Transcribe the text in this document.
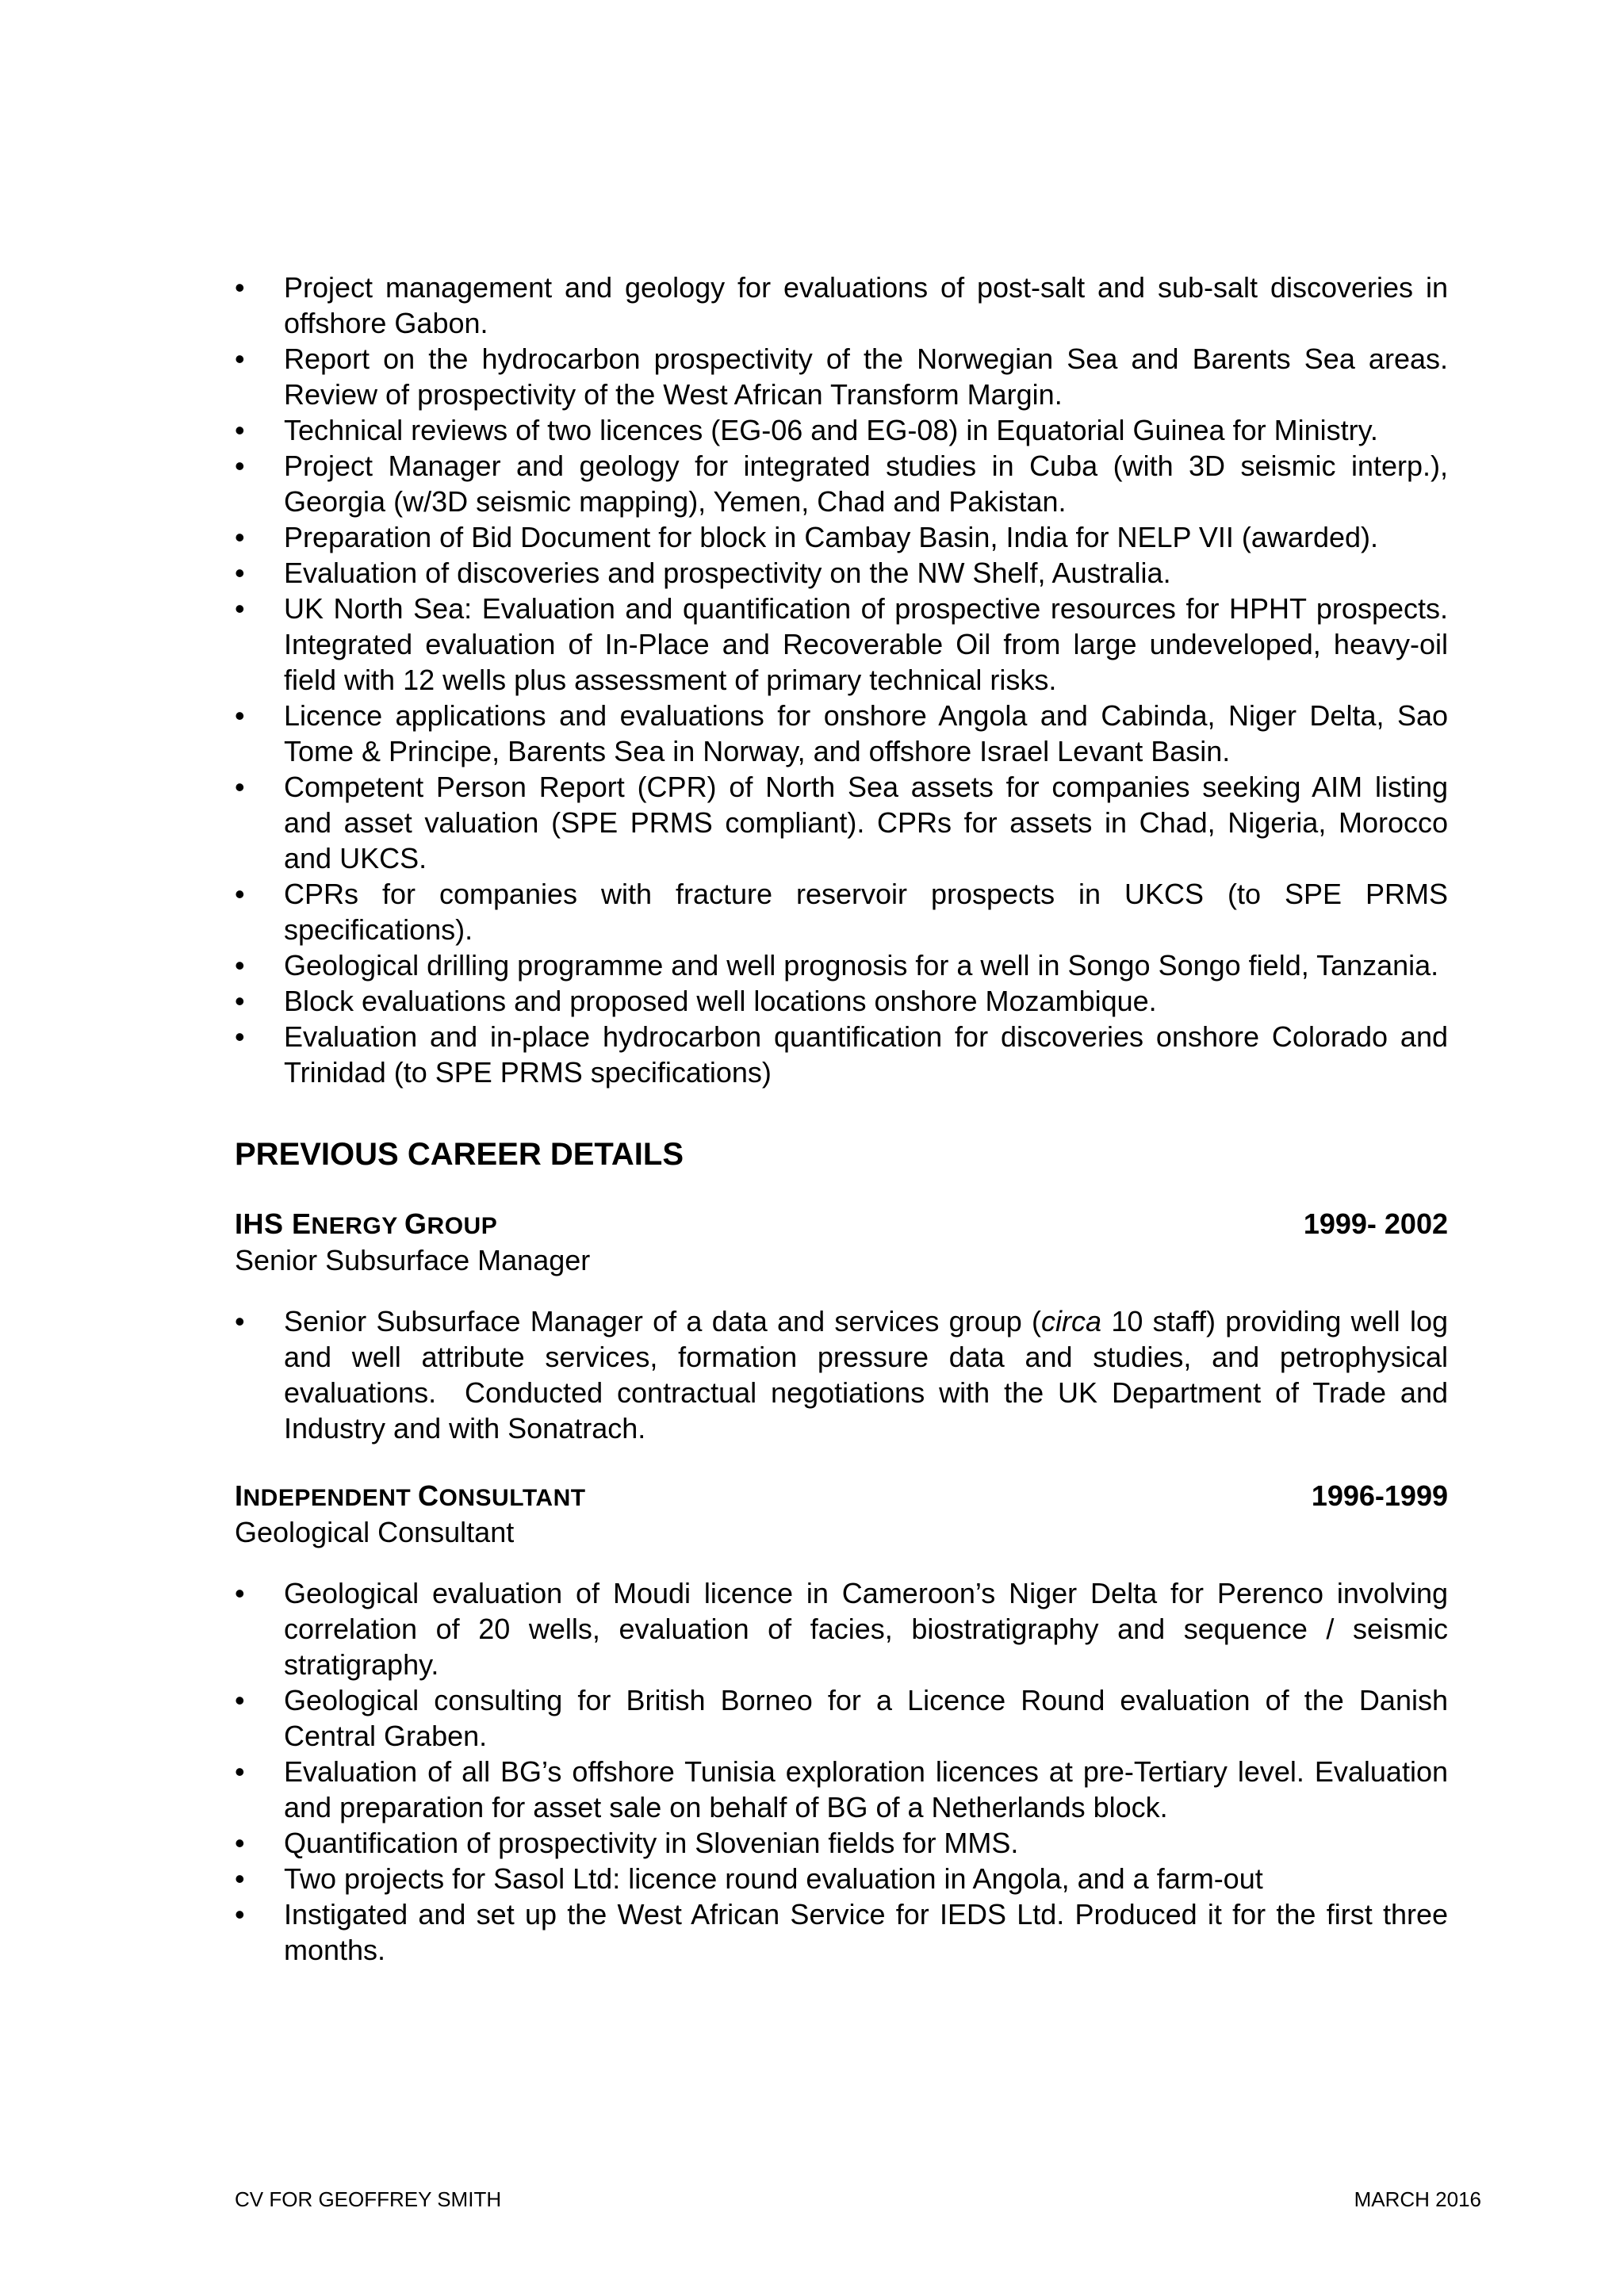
•	Project management and geology for evaluations of post-salt and sub-salt discoveries in offshore Gabon.
•	Report on the hydrocarbon prospectivity of the Norwegian Sea and Barents Sea areas. Review of prospectivity of the West African Transform Margin.
•	Technical reviews of two licences (EG-06 and EG-08) in Equatorial Guinea for Ministry.
•	Project Manager and geology for integrated studies in Cuba (with 3D seismic interp.), Georgia (w/3D seismic mapping), Yemen, Chad and Pakistan.
•	Preparation of Bid Document for block in Cambay Basin, India for NELP VII (awarded).
•	Evaluation of discoveries and prospectivity on the NW Shelf, Australia.
•	UK North Sea: Evaluation and quantification of prospective resources for HPHT prospects. Integrated evaluation of In-Place and Recoverable Oil from large undeveloped, heavy-oil field with 12 wells plus assessment of primary technical risks.
•	Licence applications and evaluations for onshore Angola and Cabinda, Niger Delta, Sao Tome & Principe, Barents Sea in Norway, and offshore Israel Levant Basin.
•	Competent Person Report (CPR) of North Sea assets for companies seeking AIM listing and asset valuation (SPE PRMS compliant). CPRs for assets in Chad, Nigeria, Morocco and UKCS.
•	CPRs for companies with fracture reservoir prospects in UKCS (to SPE PRMS specifications).
•	Geological drilling programme and well prognosis for a well in Songo Songo field, Tanzania.
•	Block evaluations and proposed well locations onshore Mozambique.
•	Evaluation and in-place hydrocarbon quantification for discoveries onshore Colorado and Trinidad (to SPE PRMS specifications)
PREVIOUS CAREER DETAILS
IHS ENERGY GROUP	1999- 2002
Senior Subsurface Manager
•	Senior Subsurface Manager of a data and services group (circa 10 staff) providing well log and well attribute services, formation pressure data and studies, and petrophysical evaluations.  Conducted contractual negotiations with the UK Department of Trade and Industry and with Sonatrach.
INDEPENDENT CONSULTANT	1996-1999
Geological Consultant
•	Geological evaluation of Moudi licence in Cameroon’s Niger Delta for Perenco involving correlation of 20 wells, evaluation of facies, biostratigraphy and sequence / seismic stratigraphy.
•	Geological consulting for British Borneo for a Licence Round evaluation of the Danish Central Graben.
•	Evaluation of all BG’s offshore Tunisia exploration licences at pre-Tertiary level. Evaluation and preparation for asset sale on behalf of BG of a Netherlands block.
•	Quantification of prospectivity in Slovenian fields for MMS.
•	Two projects for Sasol Ltd: licence round evaluation in Angola, and a farm-out
•	Instigated and set up the West African Service for IEDS Ltd. Produced it for the first three months.
CV FOR GEOFFREY SMITH	MARCH 2016
